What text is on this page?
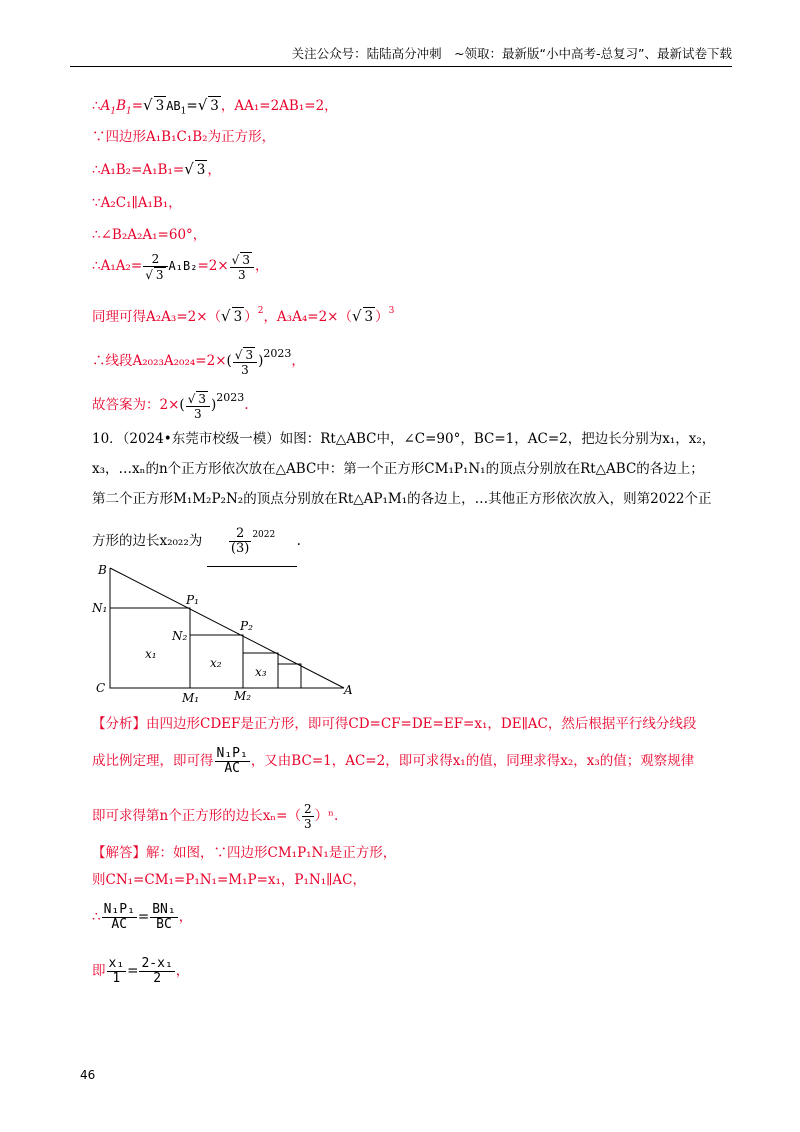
关注公众号：陆陆高分冲刺　~领取：最新版“小中高考-总复习”、最新试卷下载
$\therefore A_1B_1=√$ 3 $AB_1=√$ 3 ，AA₁=2AB₁=2，
∵四边形A₁B₁C₁B₂为正方形，
∴A₁B₂=A₁B₁=√ 3 ，
∵A₂C₁∥A₁B₁，
∴∠B₂A₂A₁=60°，
∴A₁A₂= $\frac{2}{√ 3} A_1B_2=2\times \frac{√ 3}{3}$ ，
同理可得A₂A₃=2×（√ 3 ）$^2$，A₃A₄=2×（√ 3 ）$^3$
∴线段$A_{2023}A_{2024}=2\times( \frac{√ 3}{3} )^{2023}$，
故答案为：$2\times( \frac{√ 3}{3} )^{2023}$.
10．（2024•东莞市校级一模）如图：Rt△ABC中，∠C=90°，BC=1，AC=2，把边长分别为x₁，x₂，
x₃，…xₙ的n个正方形依次放在△ABC中：第一个正方形CM₁P₁N₁的顶点分别放在Rt△ABC的各边上；
第二个正方形M₁M₂P₂N₂的顶点分别放在Rt△AP₁M₁的各边上，…其他正方形依次放入，则第2022个正
方形的边长x₂₀₂₂为 $\frac{2}{(3)} ^{2022}$ .
B
C	A
N₁
P₁
N₂
P₂
M₁	M₂
x₁
x₂
x₃
【分析】由四边形CDEF是正方形，即可得CD=CF=DE=EF=x₁，DE∥AC，然后根据平行线分线段
成比例定理，即可得 $\frac{\text{N₁P₁}}{AC}$ ，又由BC=1，AC=2，即可求得x₁的值，同理求得x₂，x₃的值；观察规律
即可求得第n个正方形的边长$x_n=( \frac{2}{3} )^n$.
【解答】解：如图，∵四边形CM₁P₁N₁是正方形，
则CN₁=CM₁=P₁N₁=M₁P=x₁，P₁N₁∥AC，
∴ $\frac{\text{N₁P₁}}{AC} = \frac{\text{BN₁}}{BC}$ ，
即 $\frac{\text{x₁}}{1} = \frac{\text{2-x₁}}{2}$ ，
46
